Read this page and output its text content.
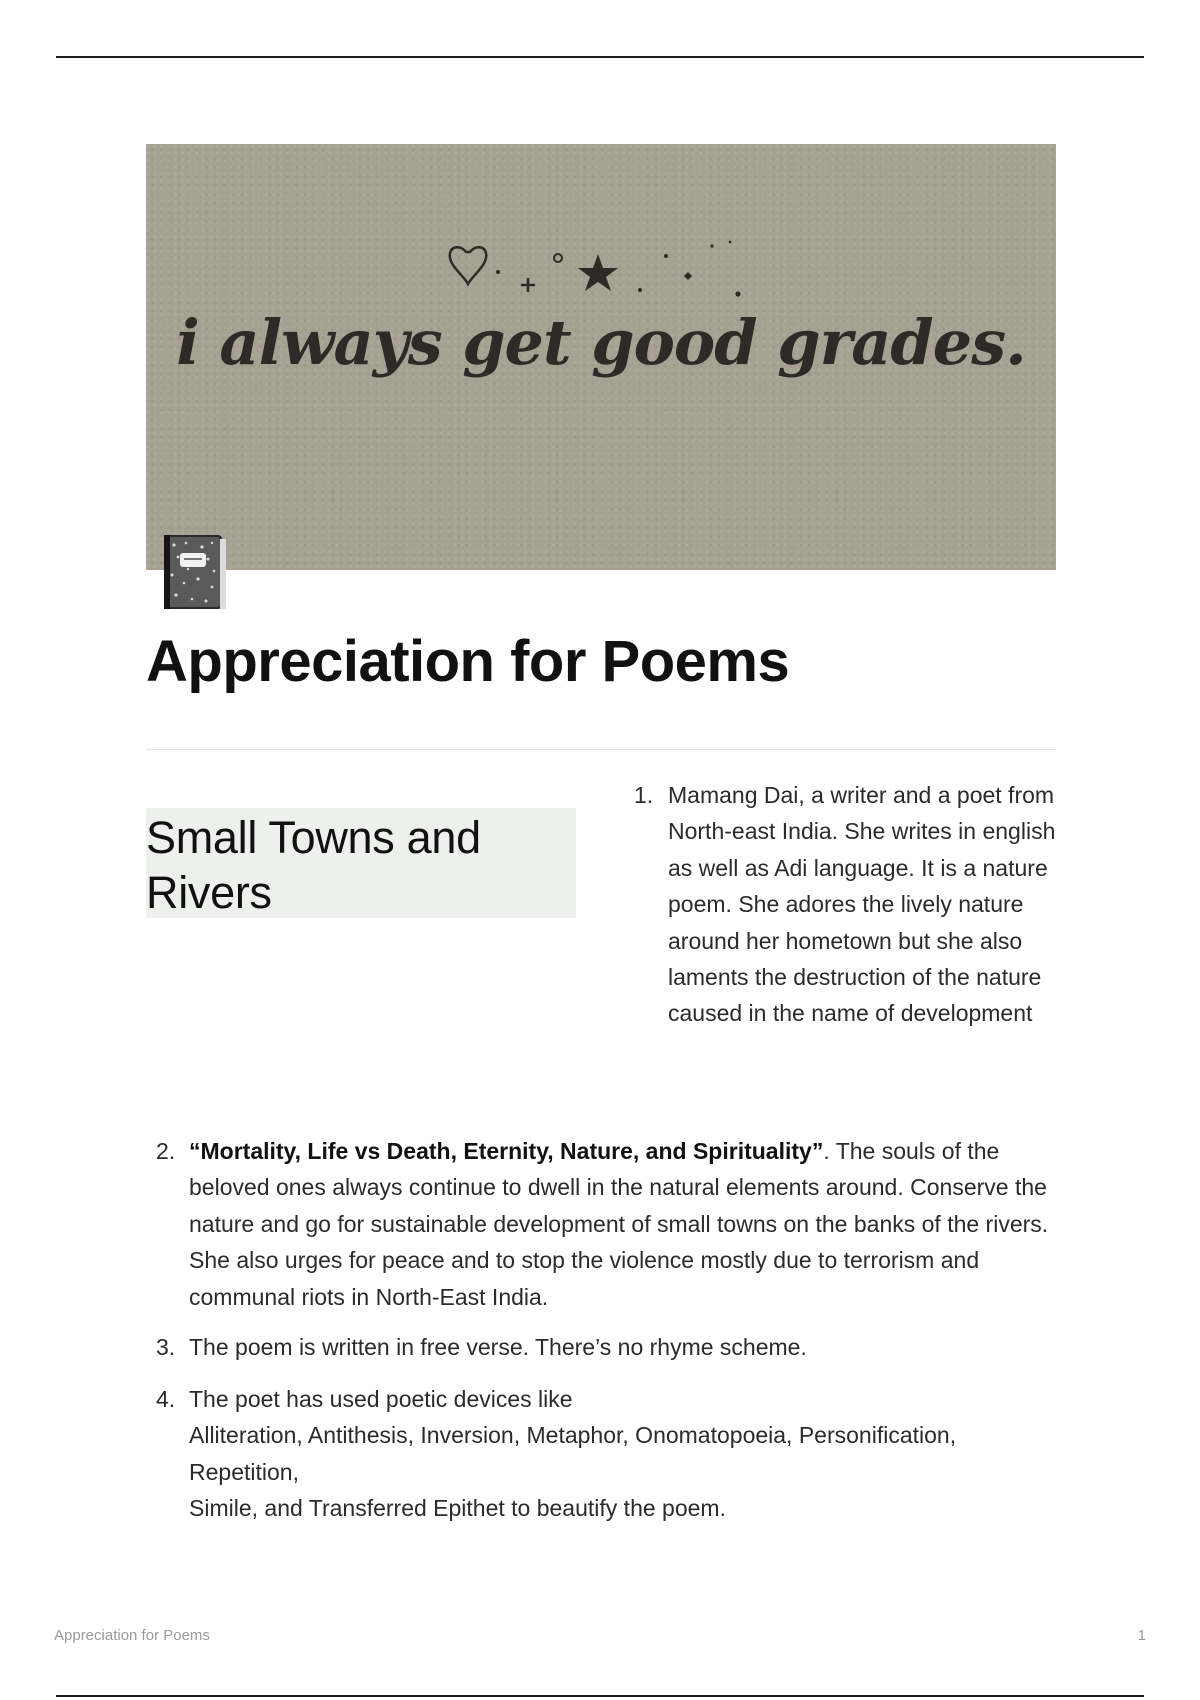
i always get good grades.
Appreciation for Poems
Small Towns and Rivers
1. Mamang Dai, a writer and a poet from North-east India. She writes in english as well as Adi language. It is a nature poem. She adores the lively nature around her hometown but she also laments the destruction of the nature caused in the name of development
2. “Mortality, Life vs Death, Eternity, Nature, and Spirituality”. The souls of the beloved ones always continue to dwell in the natural elements around. Conserve the nature and go for sustainable development of small towns on the banks of the rivers. She also urges for peace and to stop the violence mostly due to terrorism and communal riots in North-East India.
3. The poem is written in free verse. There’s no rhyme scheme.
4. The poet has used poetic devices like
Alliteration, Antithesis, Inversion, Metaphor, Onomatopoeia, Personification, Repetition,
Simile, and Transferred Epithet to beautify the poem.
Appreciation for Poems	1
